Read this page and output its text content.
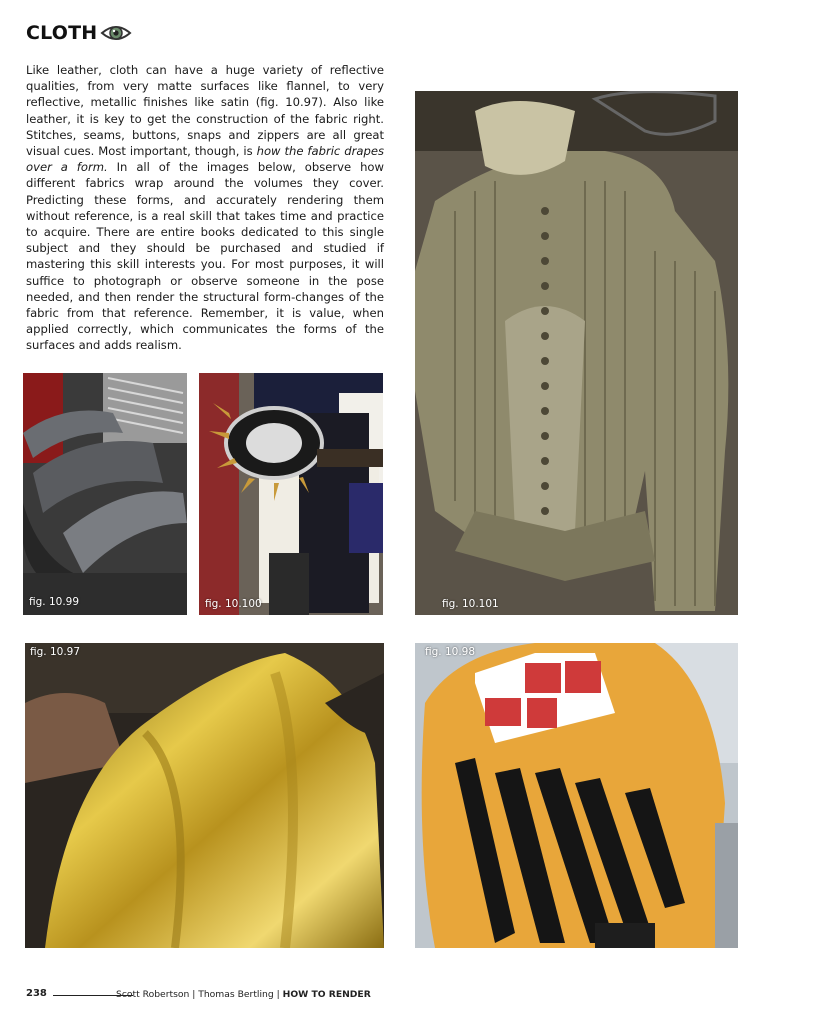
CLOTH
Like leather, cloth can have a huge variety of reflective qualities, from very matte surfaces like flannel, to very reflective, metallic finishes like satin (fig. 10.97). Also like leather, it is key to get the construction of the fabric right. Stitches, seams, buttons, snaps and zippers are all great visual cues. Most important, though, is how the fabric drapes over a form. In all of the images below, observe how different fabrics wrap around the volumes they cover. Predicting these forms, and accurately rendering them without reference, is a real skill that takes time and practice to acquire. There are entire books dedicated to this single subject and they should be purchased and studied if mastering this skill interests you. For most purposes, it will suffice to photograph or observe someone in the pose needed, and then render the structural form-changes of the fabric from that reference. Remember, it is value, when applied correctly, which communicates the forms of the surfaces and adds realism.
fig. 10.99	fig. 10.100	fig. 10.101
fig. 10.97	fig. 10.98
238	Scott Robertson | Thomas Bertling | HOW TO RENDER
